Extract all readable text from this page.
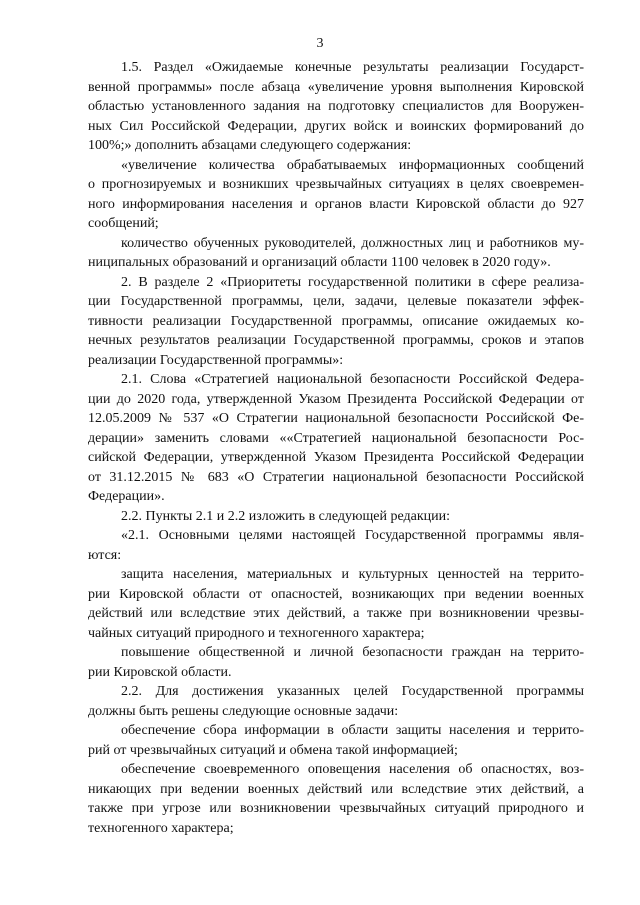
3
1.5. Раздел «Ожидаемые конечные результаты реализации Государст-
венной программы» после абзаца «увеличение уровня выполнения Кировской
областью установленного задания на подготовку специалистов для Вооружен-
ных Сил Российской Федерации, других войск и воинских формирований до
100%;» дополнить абзацами следующего содержания:
«увеличение количества обрабатываемых информационных сообщений
о прогнозируемых и возникших чрезвычайных ситуациях в целях своевремен-
ного информирования населения и органов власти Кировской области до 927
сообщений;
количество обученных руководителей, должностных лиц и работников му-
ниципальных образований и организаций области 1100 человек в 2020 году».
2. В разделе 2 «Приоритеты государственной политики в сфере реализа-
ции Государственной программы, цели, задачи, целевые показатели эффек-
тивности реализации Государственной программы, описание ожидаемых ко-
нечных результатов реализации Государственной программы, сроков и этапов
реализации Государственной программы»:
2.1. Слова «Стратегией национальной безопасности Российской Федера-
ции до 2020 года, утвержденной Указом Президента Российской Федерации от
12.05.2009 № 537 «О Стратегии национальной безопасности Российской Фе-
дерации» заменить словами ««Стратегией национальной безопасности Рос-
сийской Федерации, утвержденной Указом Президента Российской Федерации
от 31.12.2015 № 683 «О Стратегии национальной безопасности Российской
Федерации».
2.2. Пункты 2.1 и 2.2 изложить в следующей редакции:
«2.1. Основными целями настоящей Государственной программы явля-
ются:
защита населения, материальных и культурных ценностей на террито-
рии Кировской области от опасностей, возникающих при ведении военных
действий или вследствие этих действий, а также при возникновении чрезвы-
чайных ситуаций природного и техногенного характера;
повышение общественной и личной безопасности граждан на террито-
рии Кировской области.
2.2. Для достижения указанных целей Государственной программы
должны быть решены следующие основные задачи:
обеспечение сбора информации в области защиты населения и террито-
рий от чрезвычайных ситуаций и обмена такой информацией;
обеспечение своевременного оповещения населения об опасностях, воз-
никающих при ведении военных действий или вследствие этих действий, а
также при угрозе или возникновении чрезвычайных ситуаций природного и
техногенного характера;
